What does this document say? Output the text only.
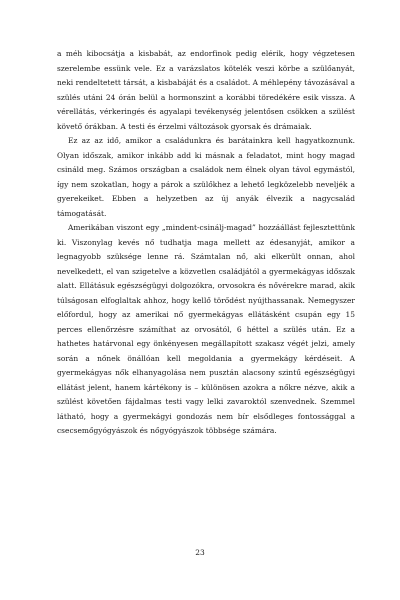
a méh kibocsátja a kisbabát, az endorfinok pedig elérik, hogy végzetesen szerelembe essünk vele. Ez a varázslatos kötelék veszi körbe a szülőanyát, neki rendeltetett társát, a kisbabáját és a családot. A méhlepény távozásával a szülés utáni 24 órán belül a hormonszint a korábbi töredékére esik vissza. A vérellátás, vérkeringés és agyalapi tevékenység jelentősen csökken a szülést követő órákban. A testi és érzelmi változások gyorsak és drámaiak.

Ez az az idő, amikor a családunkra és barátainkra kell hagyatkoznunk. Olyan időszak, amikor inkább add ki másnak a feladatot, mint hogy magad csináld meg. Számos országban a családok nem élnek olyan távol egymástól, így nem szokatlan, hogy a párok a szülőkhez a lehető legközelebb neveljék a gyerekeiket. Ebben a helyzetben az új anyák élvezik a nagycsalád támogatását.

Amerikában viszont egy „mindent-csinálj-magad” hozzáállást fejlesztettünk ki. Viszonylag kevés nő tudhatja maga mellett az édesanyját, amikor a legnagyobb szüksége lenne rá. Számtalan nő, aki elkerült onnan, ahol nevelkedett, el van szigetelve a közvetlen családjától a gyermekágyas időszak alatt. Ellátásuk egészségügyi dolgozókra, orvosokra és nővérekre marad, akik túlságosan elfoglaltak ahhoz, hogy kellő törődést nyújthassanak. Nemegyszer előfordul, hogy az amerikai nő gyermekágyas ellátásként csupán egy 15 perces ellenőrzésre számíthat az orvosától, 6 héttel a szülés után. Ez a hathetes határvonal egy önkényesen megállapított szakasz végét jelzi, amely során a nőnek önállóan kell megoldania a gyermekágy kérdéseit. A gyermekágyas nők elhanyagolása nem pusztán alacsony szintű egészségügyi ellátást jelent, hanem kártékony is – különösen azokra a nőkre nézve, akik a szülést követően fájdalmas testi vagy lelki zavaroktól szenvednek. Szemmel látható, hogy a gyermekágyi gondozás nem bír elsődleges fontossággal a csecsemőgyógyászok és nőgyógyászok többsége számára.

23
